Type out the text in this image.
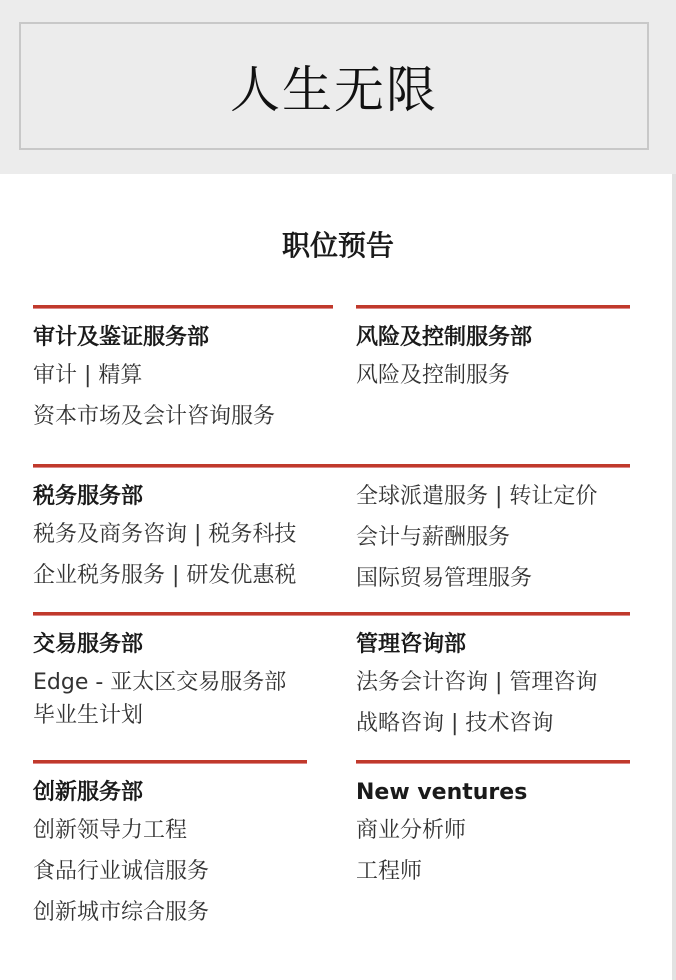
人生无限
职位预告
审计及鉴证服务部
审计 | 精算
资本市场及会计咨询服务
风险及控制服务部
风险及控制服务
税务服务部
税务及商务咨询 | 税务科技
企业税务服务 | 研发优惠税
全球派遣服务 | 转让定价
会计与薪酬服务
国际贸易管理服务
交易服务部
Edge - 亚太区交易服务部
毕业生计划
管理咨询部
法务会计咨询 | 管理咨询
战略咨询 | 技术咨询
创新服务部
创新领导力工程
食品行业诚信服务
创新城市综合服务
New ventures
商业分析师
工程师
